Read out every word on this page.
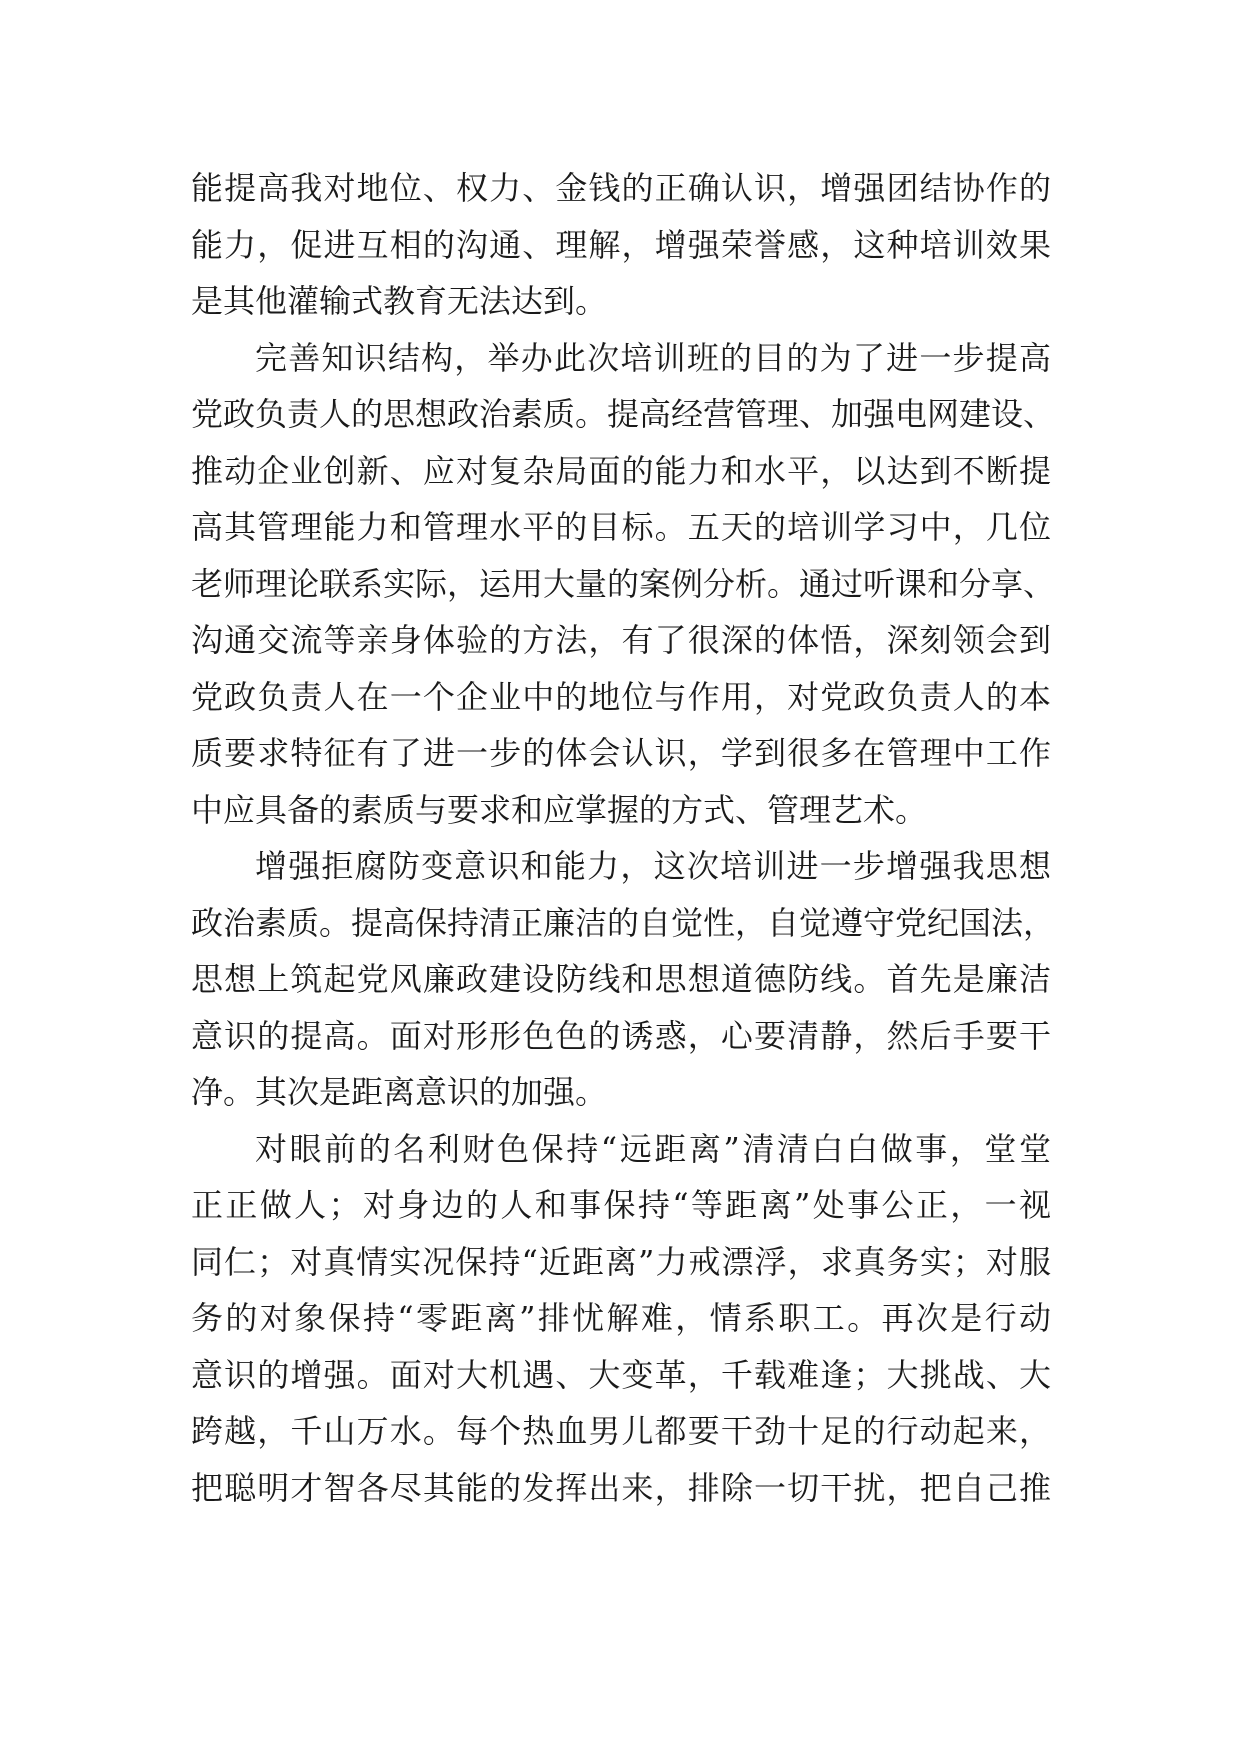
能提高我对地位、权力、金钱的正确认识，增强团结协作的
能力，促进互相的沟通、理解，增强荣誉感，这种培训效果
是其他灌输式教育无法达到。
完善知识结构，举办此次培训班的目的为了进一步提高
党政负责人的思想政治素质。提高经营管理、加强电网建设、
推动企业创新、应对复杂局面的能力和水平，以达到不断提
高其管理能力和管理水平的目标。五天的培训学习中，几位
老师理论联系实际，运用大量的案例分析。通过听课和分享、
沟通交流等亲身体验的方法，有了很深的体悟，深刻领会到
党政负责人在一个企业中的地位与作用，对党政负责人的本
质要求特征有了进一步的体会认识，学到很多在管理中工作
中应具备的素质与要求和应掌握的方式、管理艺术。
增强拒腐防变意识和能力，这次培训进一步增强我思想
政治素质。提高保持清正廉洁的自觉性，自觉遵守党纪国法，
思想上筑起党风廉政建设防线和思想道德防线。首先是廉洁
意识的提高。面对形形色色的诱惑，心要清静，然后手要干
净。其次是距离意识的加强。
对眼前的名利财色保持“远距离”清清白白做事，堂堂
正正做人；对身边的人和事保持“等距离”处事公正，一视
同仁；对真情实况保持“近距离”力戒漂浮，求真务实；对服
务的对象保持“零距离”排忧解难，情系职工。再次是行动
意识的增强。面对大机遇、大变革，千载难逢；大挑战、大
跨越，千山万水。每个热血男儿都要干劲十足的行动起来，
把聪明才智各尽其能的发挥出来，排除一切干扰，把自己推
